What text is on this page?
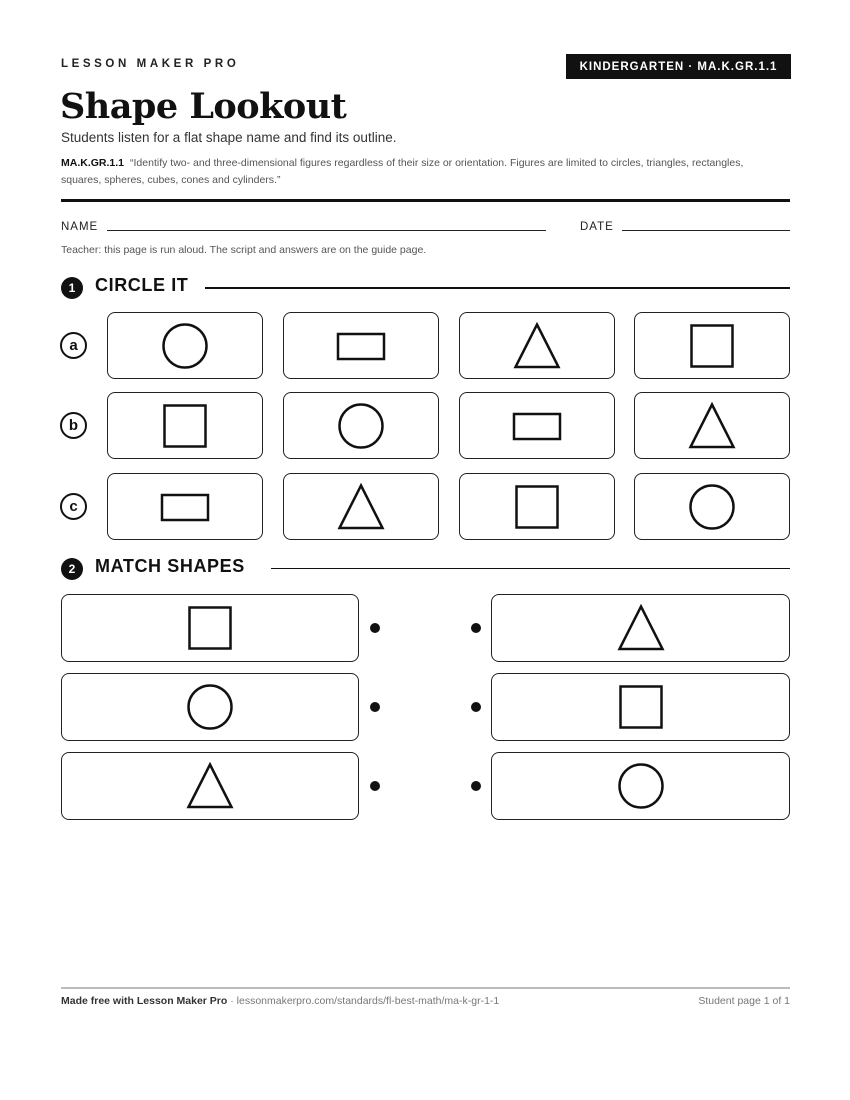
LESSON MAKER PRO	KINDERGARTEN · MA.K.GR.1.1
Shape Lookout
Students listen for a flat shape name and find its outline.
MA.K.GR.1.1 “Identify two- and three-dimensional figures regardless of their size or orientation. Figures are limited to circles, triangles, rectangles, squares, spheres, cubes, cones and cylinders.”
NAME	DATE
Teacher: this page is run aloud. The script and answers are on the guide page.
1	CIRCLE IT
a
b
c
2	MATCH SHAPES
Made free with Lesson Maker Pro · lessonmakerpro.com/standards/fl-best-math/ma-k-gr-1-1	Student page 1 of 1
